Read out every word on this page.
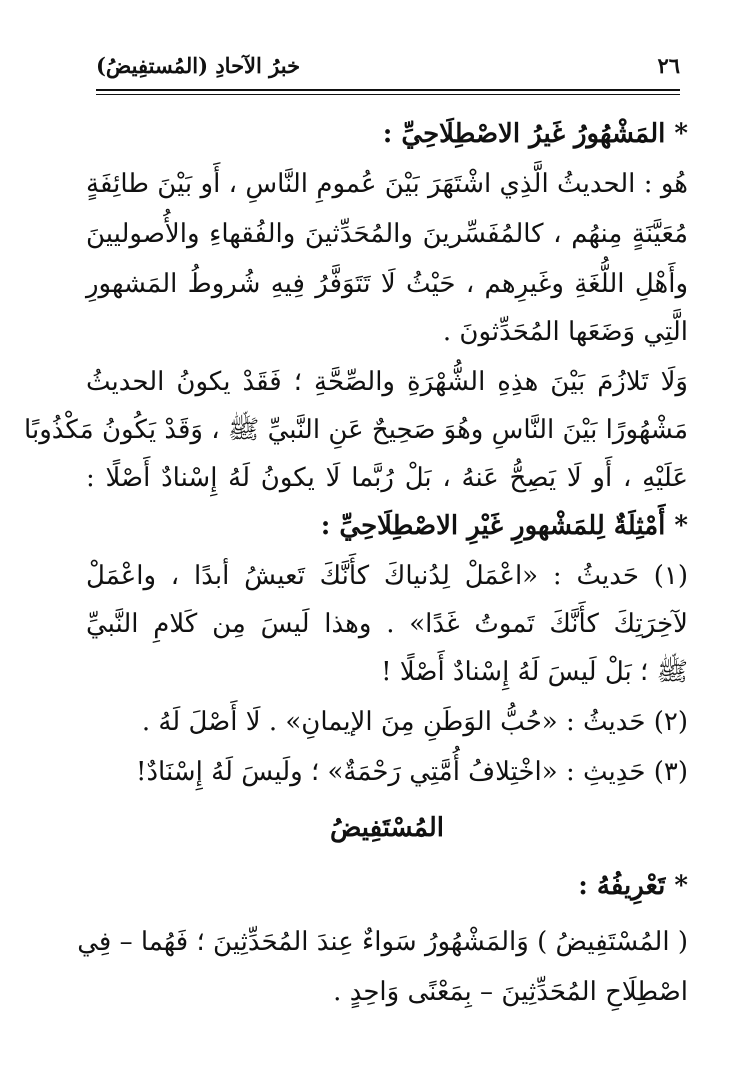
٢٦
خبرُ الآحادِ (المُستفِيضُ)

* المَشْهُورُ غَيرُ الاصْطِلَاحِيِّ :

هُو : الحديثُ الَّذِي اشْتَهَرَ بَيْنَ عُمومِ النَّاسِ ، أَو بَيْنَ طائِفَةٍ

مُعَيَّنَةٍ مِنهُم ، كالمُفَسِّرينَ والمُحَدِّثينَ والفُقهاءِ والأُصوليينَ

وأَهْلِ اللُّغَةِ وغَيرِهم ، حَيْثُ لَا تَتَوَفَّرُ فِيهِ شُروطُ المَشهورِ

الَّتِي وَضَعَها المُحَدِّثونَ .

وَلَا تَلازُمَ بَيْنَ هذِهِ الشُّهْرَةِ والصِّحَّةِ ؛ فَقَدْ يكونُ الحديثُ

مَشْهُورًا بَيْنَ النَّاسِ وهُوَ صَحِيحٌ عَنِ النَّبيِّ ﷺ ، وَقَدْ يَكُونُ مَكْذُوبًا

عَلَيْهِ ، أَو لَا يَصِحُّ عَنهُ ، بَلْ رُبَّما لَا يكونُ لَهُ إِسْنادٌ أَصْلًا :

* أَمْثِلَةٌ لِلمَشْهورِ غَيْرِ الاصْطِلَاحِيِّ :

(١) حَديثُ : «اعْمَلْ لِدُنياكَ كأَنَّكَ تَعيشُ أبدًا ، واعْمَلْ

لآخِرَتِكَ كأَنَّكَ تَموتُ غَدًا» . وهذا لَيسَ مِن كَلامِ النَّبيِّ

ﷺ ؛ بَلْ لَيسَ لَهُ إِسْنادٌ أَصْلًا !

(٢) حَديثُ : «حُبُّ الوَطَنِ مِنَ الإيمانِ» . لَا أَصْلَ لَهُ .

(٣) حَدِيثِ : «اخْتِلافُ أُمَّتِي رَحْمَةٌ» ؛ ولَيسَ لَهُ إِسْنَادٌ!

المُسْتَفِيضُ

* تَعْرِيفُهُ :

( المُسْتَفِيضُ ) وَالمَشْهُورُ سَواءٌ عِندَ المُحَدِّثِينَ ؛ فَهُما – فِي

اصْطِلَاحِ المُحَدِّثِينَ – بِمَعْنًى وَاحِدٍ .
